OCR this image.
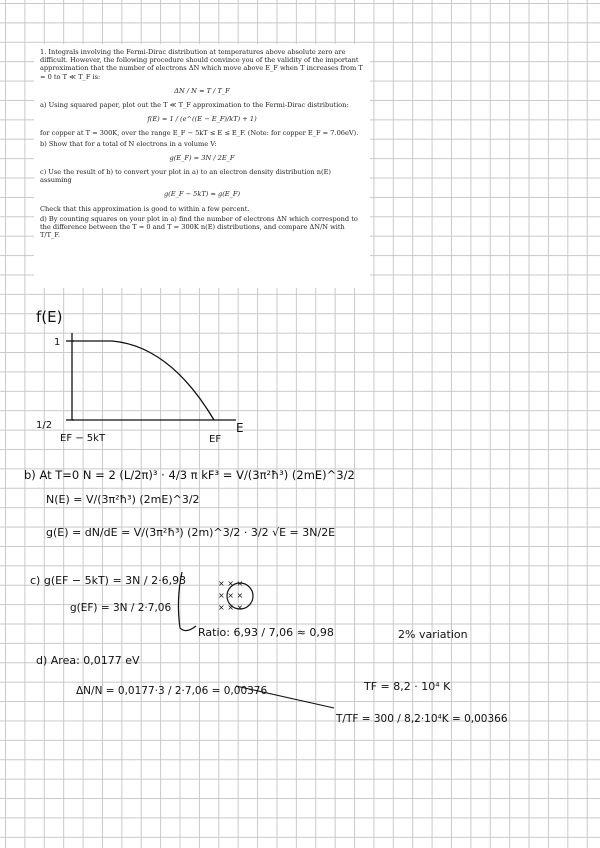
1. Integrals involving the Fermi-Dirac distribution at temperatures above absolute zero are difficult. However, the following procedure should convince you of the validity of the important approximation that the number of electrons ΔN which move above E_F when T increases from T = 0 to T ≪ T_F is:

ΔN / N ≃ T / T_F

a) Using squared paper, plot out the T ≪ T_F approximation to the Fermi-Dirac distribution:

f(E) = 1 / (e^((E − E_F)/kT) + 1)

for copper at T = 300K, over the range E_F − 5kT ≤ E ≤ E_F. (Note: for copper E_F = 7.06eV).

b) Show that for a total of N electrons in a volume V:

g(E_F) = 3N / 2E_F

c) Use the result of b) to convert your plot in a) to an electron density distribution n(E) assuming

g(E_F − 5kT) ≃ g(E_F)

Check that this approximation is good to within a few percent.

d) By counting squares on your plot in a) find the number of electrons ΔN which correspond to the difference between the T = 0 and T = 300K n(E) distributions, and compare ΔN/N with T/T_F.

f(E)
1
1/2	E
EF − 5kT	EF
b) At T=0 N = 2 (L/2π)³ · 4/3 π kF³ = V/(3π²ħ³) (2mE)^3/2
N(E) = V/(3π²ħ³) (2mE)^3/2
g(E) = dN/dE = V/(3π²ħ³) (2m)^3/2 · 3/2 √E = 3N/2E
c) g(EF − 5kT) = 3N / 2·6,93
g(EF) = 3N / 2·7,06
× × ×
× × ×
× × ×
Ratio: 6,93 / 7,06 ≈ 0,98	2% variation
d) Area: 0,0177 eV
ΔN/N = 0,0177·3 / 2·7,06 = 0,00376	TF = 8,2 · 10⁴ K
T/TF = 300 / 8,2·10⁴K = 0,00366
